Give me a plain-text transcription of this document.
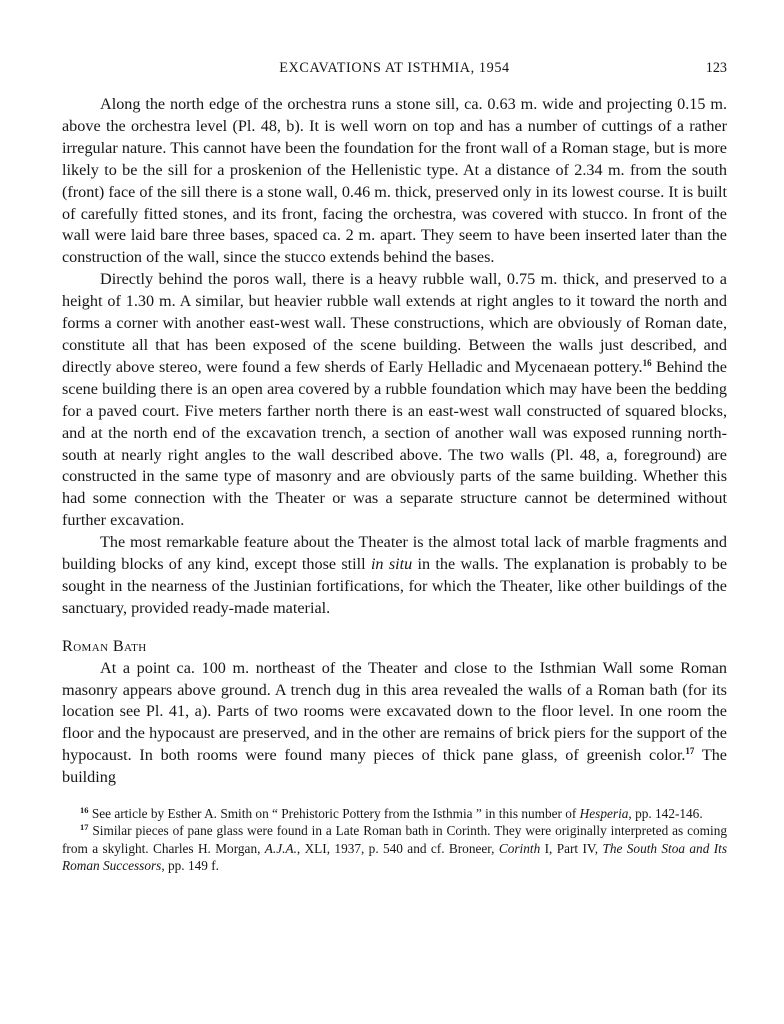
EXCAVATIONS AT ISTHMIA, 1954	123

Along the north edge of the orchestra runs a stone sill, ca. 0.63 m. wide and projecting 0.15 m. above the orchestra level (Pl. 48, b). It is well worn on top and has a number of cuttings of a rather irregular nature. This cannot have been the foundation for the front wall of a Roman stage, but is more likely to be the sill for a proskenion of the Hellenistic type. At a distance of 2.34 m. from the south (front) face of the sill there is a stone wall, 0.46 m. thick, preserved only in its lowest course. It is built of carefully fitted stones, and its front, facing the orchestra, was covered with stucco. In front of the wall were laid bare three bases, spaced ca. 2 m. apart. They seem to have been inserted later than the construction of the wall, since the stucco extends behind the bases.

Directly behind the poros wall, there is a heavy rubble wall, 0.75 m. thick, and preserved to a height of 1.30 m. A similar, but heavier rubble wall extends at right angles to it toward the north and forms a corner with another east-west wall. These constructions, which are obviously of Roman date, constitute all that has been exposed of the scene building. Between the walls just described, and directly above stereo, were found a few sherds of Early Helladic and Mycenaean pottery.$^{16}$ Behind the scene building there is an open area covered by a rubble foundation which may have been the bedding for a paved court. Five meters farther north there is an east-west wall constructed of squared blocks, and at the north end of the excavation trench, a section of another wall was exposed running north-south at nearly right angles to the wall described above. The two walls (Pl. 48, a, foreground) are constructed in the same type of masonry and are obviously parts of the same building. Whether this had some connection with the Theater or was a separate structure cannot be determined without further excavation.

The most remarkable feature about the Theater is the almost total lack of marble fragments and building blocks of any kind, except those still in situ in the walls. The explanation is probably to be sought in the nearness of the Justinian fortifications, for which the Theater, like other buildings of the sanctuary, provided ready-made material.

Roman Bath

At a point ca. 100 m. northeast of the Theater and close to the Isthmian Wall some Roman masonry appears above ground. A trench dug in this area revealed the walls of a Roman bath (for its location see Pl. 41, a). Parts of two rooms were excavated down to the floor level. In one room the floor and the hypocaust are preserved, and in the other are remains of brick piers for the support of the hypocaust. In both rooms were found many pieces of thick pane glass, of greenish color.$^{17}$ The building

$^{16}$ See article by Esther A. Smith on “ Prehistoric Pottery from the Isthmia ” in this number of Hesperia, pp. 142-146.

$^{17}$ Similar pieces of pane glass were found in a Late Roman bath in Corinth. They were originally interpreted as coming from a skylight. Charles H. Morgan, A.J.A., XLI, 1937, p. 540 and cf. Broneer, Corinth I, Part IV, The South Stoa and Its Roman Successors, pp. 149 f.
